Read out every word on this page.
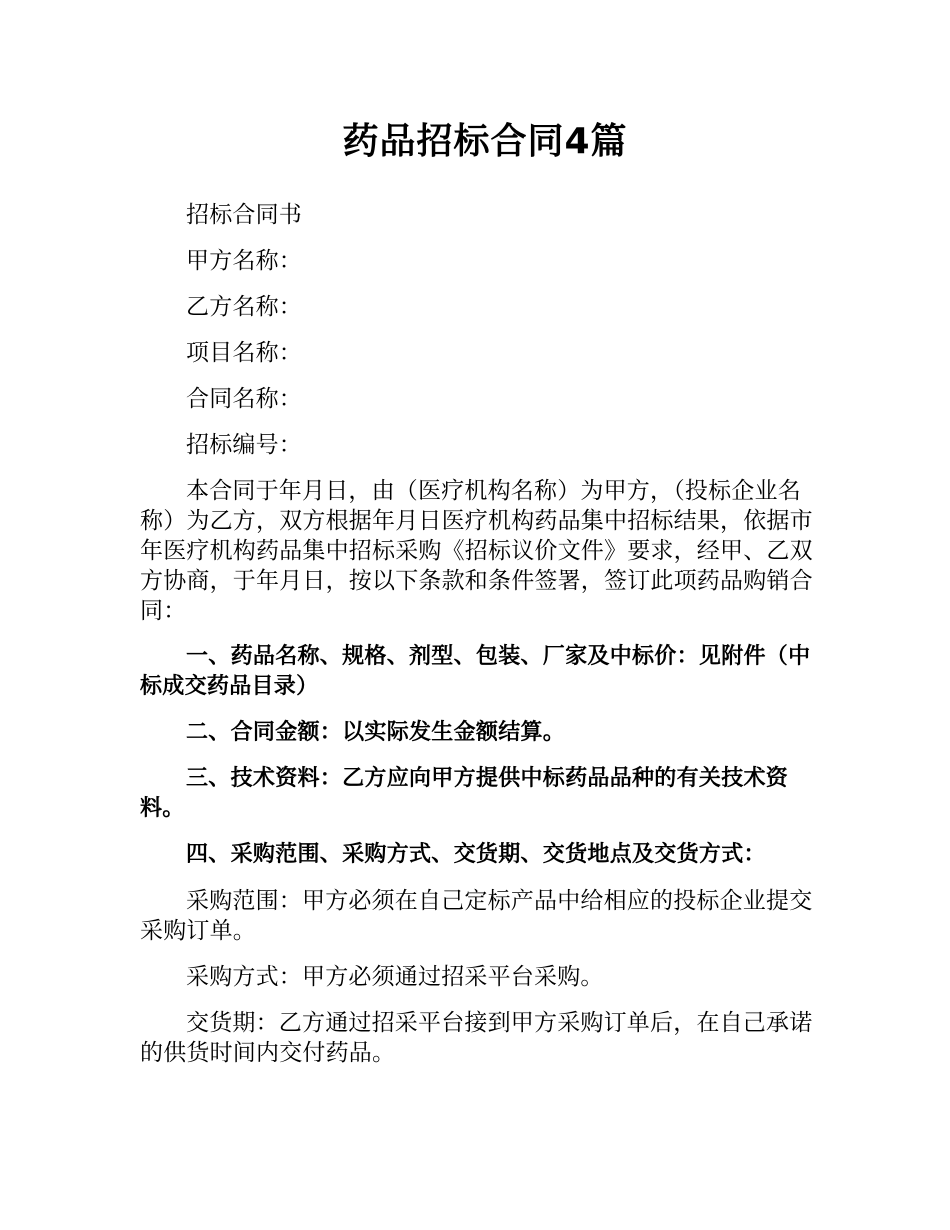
药品招标合同4篇

招标合同书

甲方名称：

乙方名称：

项目名称：

合同名称：

招标编号：

本合同于年月日，由（医疗机构名称）为甲方，（投标企业名称）为乙方，双方根据年月日医疗机构药品集中招标结果，依据市年医疗机构药品集中招标采购《招标议价文件》要求，经甲、乙双方协商，于年月日，按以下条款和条件签署，签订此项药品购销合同：

一、药品名称、规格、剂型、包装、厂家及中标价：见附件（中标成交药品目录）

二、合同金额：以实际发生金额结算。

三、技术资料：乙方应向甲方提供中标药品品种的有关技术资料。

四、采购范围、采购方式、交货期、交货地点及交货方式：

采购范围：甲方必须在自己定标产品中给相应的投标企业提交采购订单。

采购方式：甲方必须通过招采平台采购。

交货期：乙方通过招采平台接到甲方采购订单后，在自己承诺的供货时间内交付药品。
